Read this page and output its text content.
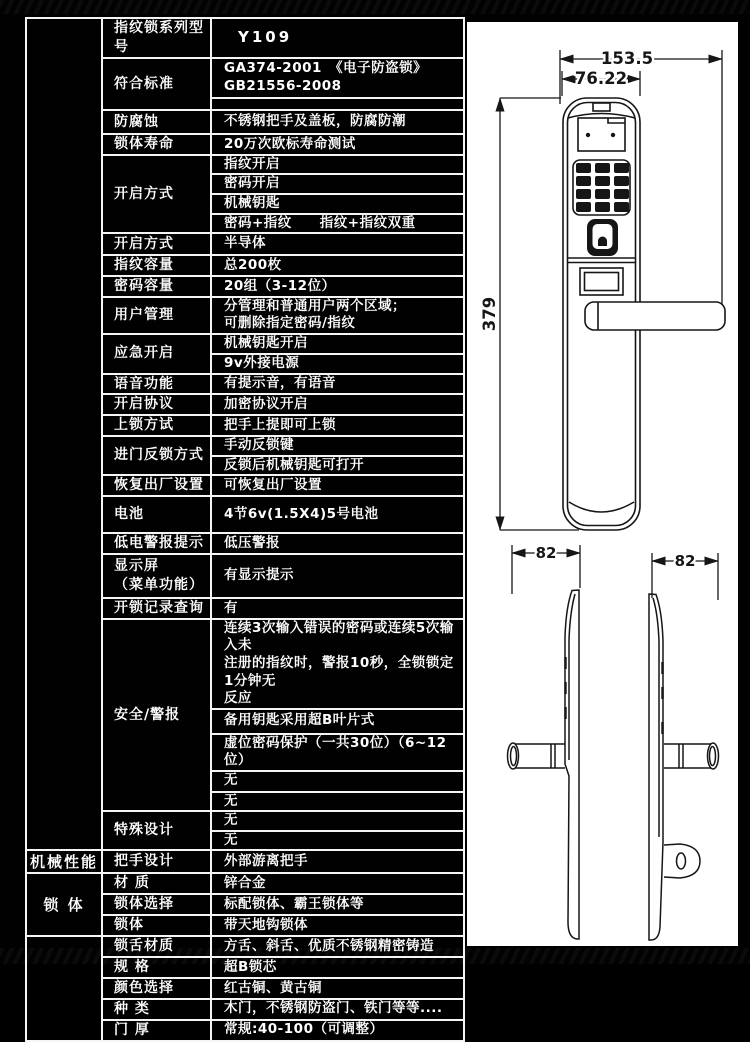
	指纹锁系列型号	Y109
	符合标准	GA374-2001　《电子防盗锁》
GB21556-2008

	防腐蚀	不锈钢把手及盖板，防腐防潮
	锁体寿命	20万次欧标寿命测试
	开启方式	指纹开启
		密码开启
		机械钥匙
		密码+指纹　　指纹+指纹双重
	开启方式	半导体
	指纹容量	总200枚
	密码容量	20组（3-12位）
	用户管理	分管理和普通用户两个区域；
可删除指定密码/指纹
	应急开启	机械钥匙开启
		9v外接电源
	语音功能	有提示音，有语音
	开启协议	加密协议开启
	上锁方试	把手上提即可上锁
	进门反锁方式	手动反锁键
		反锁后机械钥匙可打开
	恢复出厂设置	可恢复出厂设置
	电池	4节6v(1.5X4)5号电池
	低电警报提示	低压警报
	显示屏
（菜单功能）	有显示提示
	开锁记录查询	有
	安全/警报	连续3次输入错误的密码或连续5次输入未
注册的指纹时，警报10秒，全锁锁定1分钟无
反应
		备用钥匙采用超B叶片式
		虚位密码保护（一共30位）（6~12位）
		无
		无
	特殊设计	无
		无
机械性能	把手设计	外部游离把手
锁 体	材 质	锌合金
	锁体选择	标配锁体、霸王锁体等
	锁体	带天地钩锁体
	锁舌材质	方舌、斜舌、优质不锈钢精密铸造
	规 格	超B锁芯
	颜色选择	红古铜、黄古铜
	种 类	木门，不锈钢防盗门、铁门等等....
	门 厚	常规:40-100（可调整）
153.5
76.22
379
82	82
